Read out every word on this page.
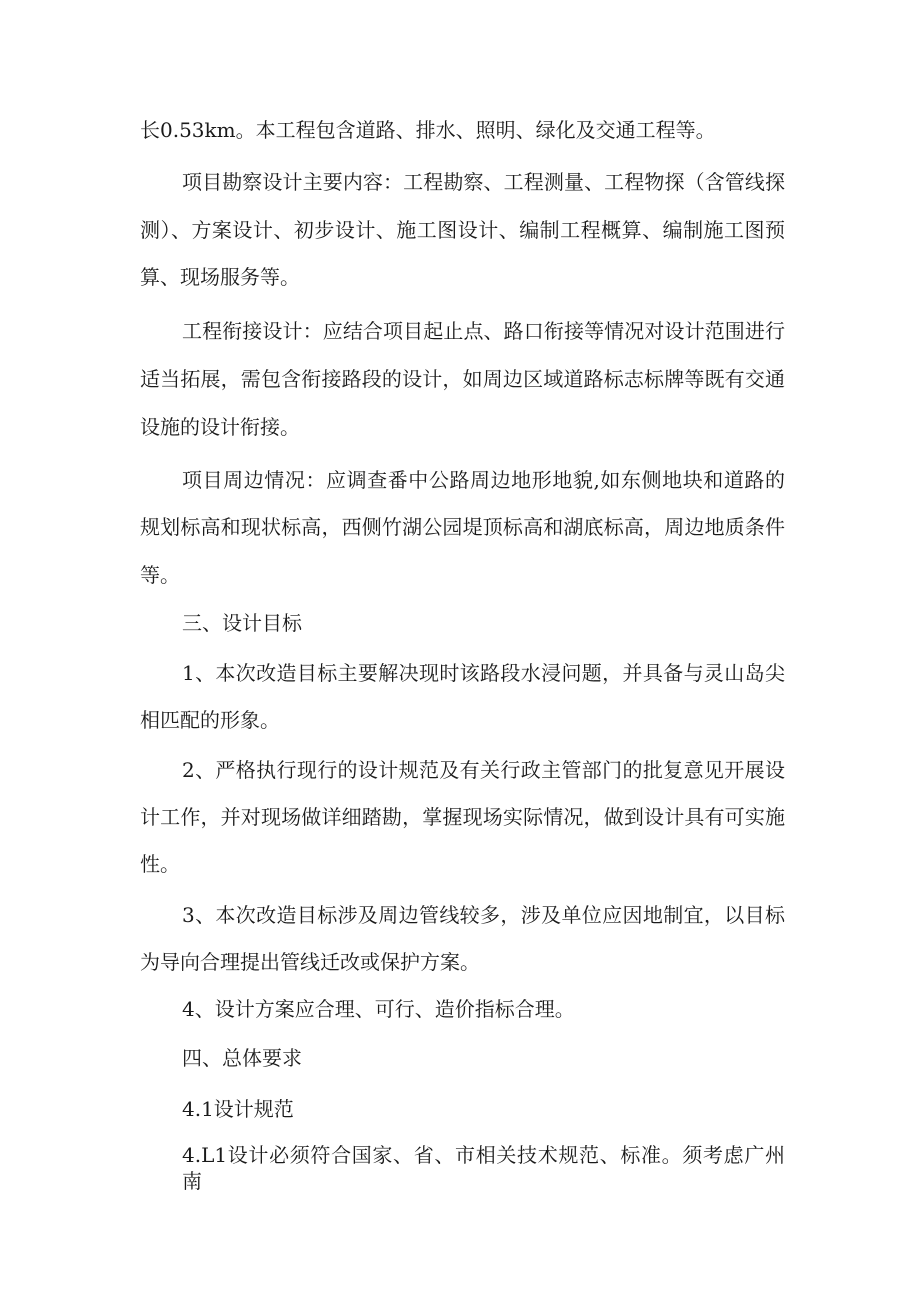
长0.53km。本工程包含道路、排水、照明、绿化及交通工程等。
项目勘察设计主要内容：工程勘察、工程测量、工程物探（含管线探
测）、方案设计、初步设计、施工图设计、编制工程概算、编制施工图预
算、现场服务等。
工程衔接设计：应结合项目起止点、路口衔接等情况对设计范围进行
适当拓展，需包含衔接路段的设计，如周边区域道路标志标牌等既有交通
设施的设计衔接。
项目周边情况：应调查番中公路周边地形地貌,如东侧地块和道路的
规划标高和现状标高，西侧竹湖公园堤顶标高和湖底标高，周边地质条件
等。
三、设计目标
1、本次改造目标主要解决现时该路段水浸问题，并具备与灵山岛尖
相匹配的形象。
2、严格执行现行的设计规范及有关行政主管部门的批复意见开展设
计工作，并对现场做详细踏勘，掌握现场实际情况，做到设计具有可实施
性。
3、本次改造目标涉及周边管线较多，涉及单位应因地制宜，以目标
为导向合理提出管线迁改或保护方案。
4、设计方案应合理、可行、造价指标合理。
四、总体要求
4.1设计规范
4.L1设计必须符合国家、省、市相关技术规范、标准。须考虑广州南
